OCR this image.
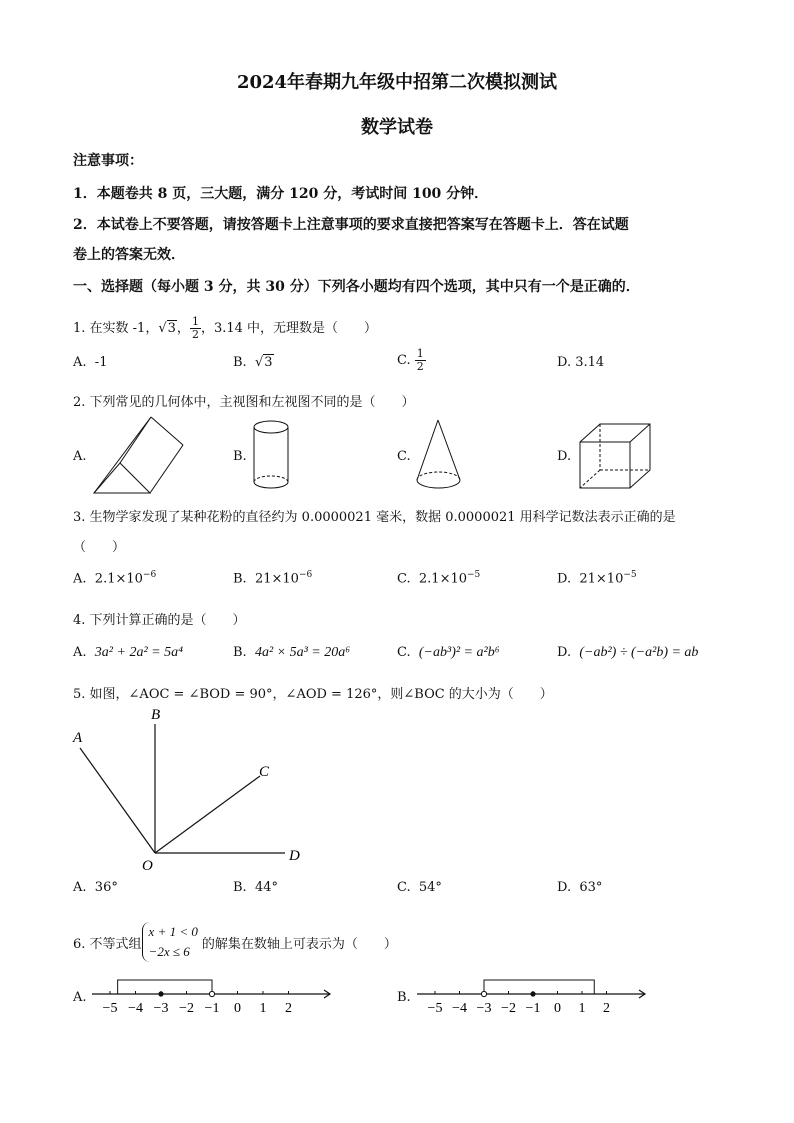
2024年春期九年级中招第二次模拟测试
数学试卷
注意事项：
1．本题卷共 8 页，三大题，满分 120 分，考试时间 100 分钟．
2．本试卷上不要答题，请按答题卡上注意事项的要求直接把答案写在答题卡上．答在试题
卷上的答案无效．
一、选择题（每小题 3 分，共 30 分）下列各小题均有四个选项，其中只有一个是正确的．
1. 在实数 -1，√3， $\frac{1}{2}$ ，3.14 中，无理数是（　　）
A. -1	B. √3	C. $\frac{1}{2}$	D. 3.14
2. 下列常见的几何体中，主视图和左视图不同的是（　　）
A.	B.	C.	D.
3. 生物学家发现了某种花粉的直径约为 0.0000021 毫米，数据 0.0000021 用科学记数法表示正确的是
（　　）
A. $2.1\times 10^{-6}$	B. $21\times 10^{-6}$	C. $2.1\times 10^{-5}$	D. $21\times 10^{-5}$
4. 下列计算正确的是（　　）
A. 3a² + 2a² = 5a⁴	B. 4a² × 5a³ = 20a⁶	C. (−ab³)² = a²b⁶	D. (−ab²) ÷ (−a²b) = ab
5. 如图，∠AOC = ∠BOD = 90°，∠AOD = 126°，则∠BOC 的大小为（　　）
A
B
C
D
O
A. 36°	B. 44°	C. 54°	D. 63°
6. 不等式组
x + 1 < 0
−2x ≤ 6 的解集在数轴上可表示为（　　）
A.
−5 −4 −3 −2 −1 0 1 2
B.
−5 −4 −3 −2 −1 0 1 2
